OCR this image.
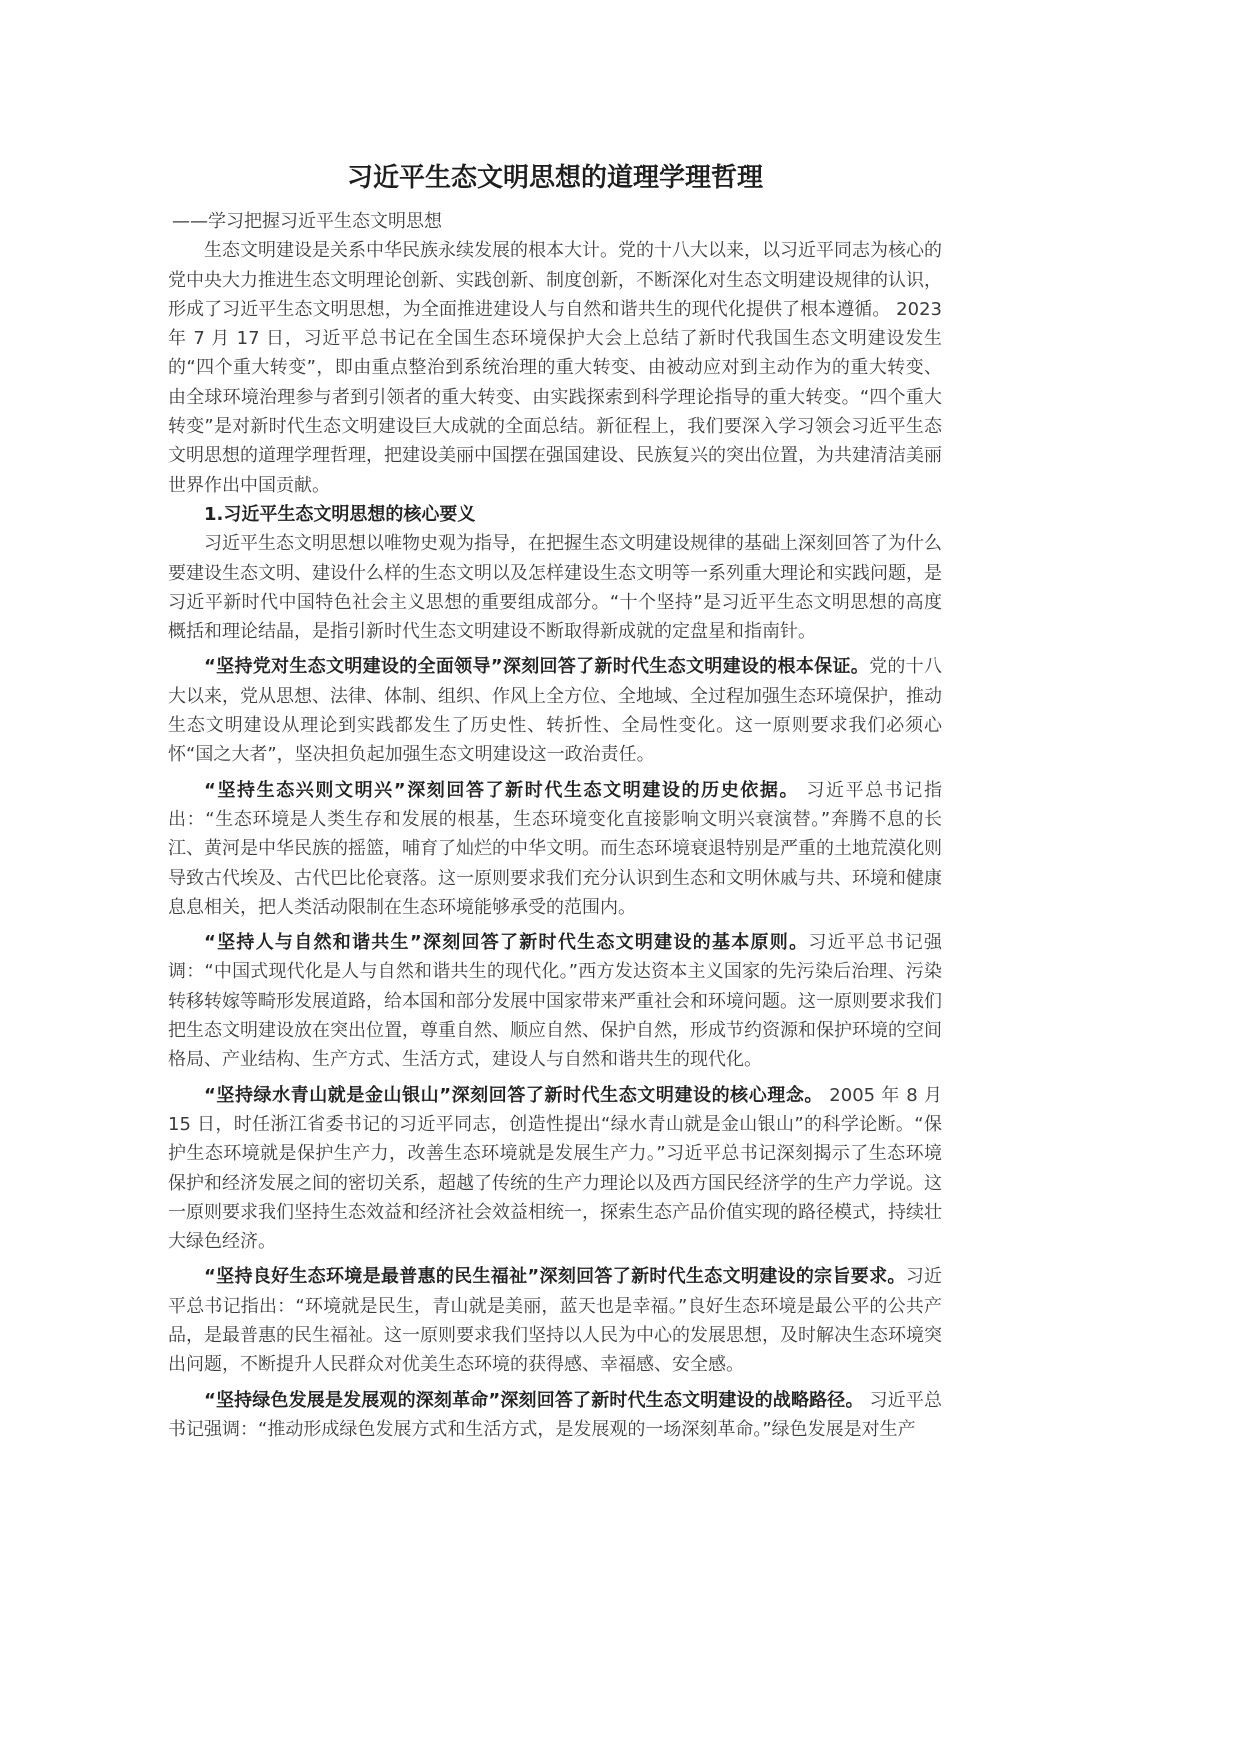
习近平生态文明思想的道理学理哲理

——学习把握习近平生态文明思想

生态文明建设是关系中华民族永续发展的根本大计。党的十八大以来，以习近平同志为核心的党中央大力推进生态文明理论创新、实践创新、制度创新，不断深化对生态文明建设规律的认识，形成了习近平生态文明思想，为全面推进建设人与自然和谐共生的现代化提供了根本遵循。 2023 年 7 月 17 日，习近平总书记在全国生态环境保护大会上总结了新时代我国生态文明建设发生的“四个重大转变”，即由重点整治到系统治理的重大转变、由被动应对到主动作为的重大转变、由全球环境治理参与者到引领者的重大转变、由实践探索到科学理论指导的重大转变。“四个重大转变”是对新时代生态文明建设巨大成就的全面总结。新征程上，我们要深入学习领会习近平生态文明思想的道理学理哲理，把建设美丽中国摆在强国建设、民族复兴的突出位置，为共建清洁美丽世界作出中国贡献。

1.习近平生态文明思想的核心要义

习近平生态文明思想以唯物史观为指导，在把握生态文明建设规律的基础上深刻回答了为什么要建设生态文明、建设什么样的生态文明以及怎样建设生态文明等一系列重大理论和实践问题，是习近平新时代中国特色社会主义思想的重要组成部分。“十个坚持”是习近平生态文明思想的高度概括和理论结晶，是指引新时代生态文明建设不断取得新成就的定盘星和指南针。

“坚持党对生态文明建设的全面领导”深刻回答了新时代生态文明建设的根本保证。党的十八大以来，党从思想、法律、体制、组织、作风上全方位、全地域、全过程加强生态环境保护，推动生态文明建设从理论到实践都发生了历史性、转折性、全局性变化。这一原则要求我们必须心怀“国之大者”，坚决担负起加强生态文明建设这一政治责任。

“坚持生态兴则文明兴”深刻回答了新时代生态文明建设的历史依据。 习近平总书记指出：“生态环境是人类生存和发展的根基，生态环境变化直接影响文明兴衰演替。”奔腾不息的长江、黄河是中华民族的摇篮，哺育了灿烂的中华文明。而生态环境衰退特别是严重的土地荒漠化则导致古代埃及、古代巴比伦衰落。这一原则要求我们充分认识到生态和文明休戚与共、环境和健康息息相关，把人类活动限制在生态环境能够承受的范围内。

“坚持人与自然和谐共生”深刻回答了新时代生态文明建设的基本原则。习近平总书记强调：“中国式现代化是人与自然和谐共生的现代化。”西方发达资本主义国家的先污染后治理、污染转移转嫁等畸形发展道路，给本国和部分发展中国家带来严重社会和环境问题。这一原则要求我们把生态文明建设放在突出位置，尊重自然、顺应自然、保护自然，形成节约资源和保护环境的空间格局、产业结构、生产方式、生活方式，建设人与自然和谐共生的现代化。

“坚持绿水青山就是金山银山”深刻回答了新时代生态文明建设的核心理念。 2005 年 8 月 15 日，时任浙江省委书记的习近平同志，创造性提出“绿水青山就是金山银山”的科学论断。“保护生态环境就是保护生产力，改善生态环境就是发展生产力。”习近平总书记深刻揭示了生态环境保护和经济发展之间的密切关系，超越了传统的生产力理论以及西方国民经济学的生产力学说。这一原则要求我们坚持生态效益和经济社会效益相统一，探索生态产品价值实现的路径模式，持续壮大绿色经济。

“坚持良好生态环境是最普惠的民生福祉”深刻回答了新时代生态文明建设的宗旨要求。习近平总书记指出：“环境就是民生，青山就是美丽，蓝天也是幸福。”良好生态环境是最公平的公共产品，是最普惠的民生福祉。这一原则要求我们坚持以人民为中心的发展思想，及时解决生态环境突出问题，不断提升人民群众对优美生态环境的获得感、幸福感、安全感。

“坚持绿色发展是发展观的深刻革命”深刻回答了新时代生态文明建设的战略路径。 习近平总书记强调：“推动形成绿色发展方式和生活方式，是发展观的一场深刻革命。”绿色发展是对生产
